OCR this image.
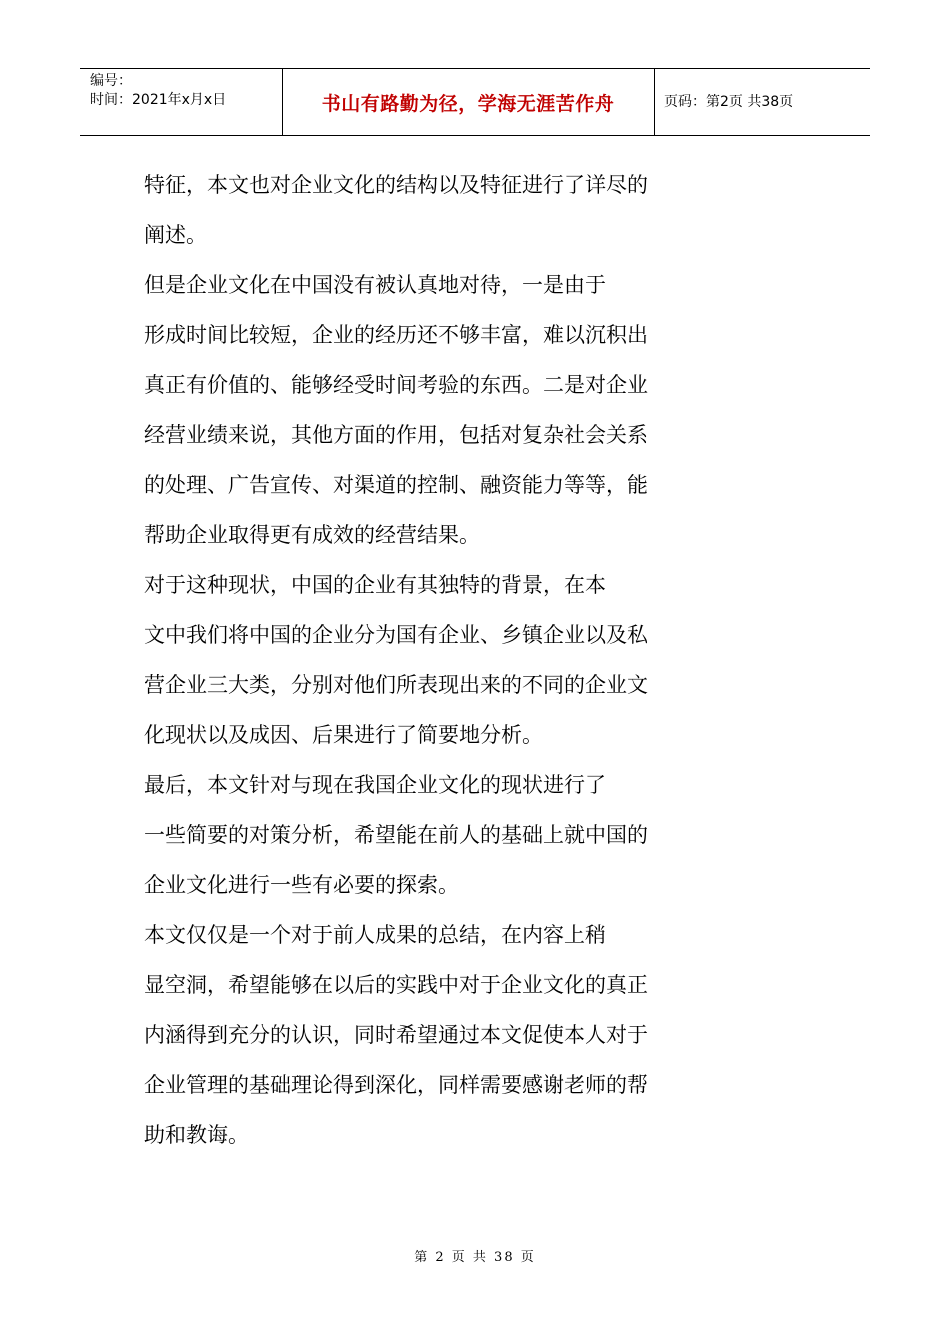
编号：
时间：2021年x月x日	书山有路勤为径，学海无涯苦作舟	页码：第2页 共38页
特征，本文也对企业文化的结构以及特征进行了详尽的
阐述。
但是企业文化在中国没有被认真地对待，一是由于
形成时间比较短，企业的经历还不够丰富，难以沉积出
真正有价值的、能够经受时间考验的东西。二是对企业
经营业绩来说，其他方面的作用，包括对复杂社会关系
的处理、广告宣传、对渠道的控制、融资能力等等，能
帮助企业取得更有成效的经营结果。
对于这种现状，中国的企业有其独特的背景，在本
文中我们将中国的企业分为国有企业、乡镇企业以及私
营企业三大类，分别对他们所表现出来的不同的企业文
化现状以及成因、后果进行了简要地分析。
最后，本文针对与现在我国企业文化的现状进行了
一些简要的对策分析，希望能在前人的基础上就中国的
企业文化进行一些有必要的探索。
本文仅仅是一个对于前人成果的总结，在内容上稍
显空洞，希望能够在以后的实践中对于企业文化的真正
内涵得到充分的认识，同时希望通过本文促使本人对于
企业管理的基础理论得到深化，同样需要感谢老师的帮
助和教诲。
第 2 页 共 38 页
